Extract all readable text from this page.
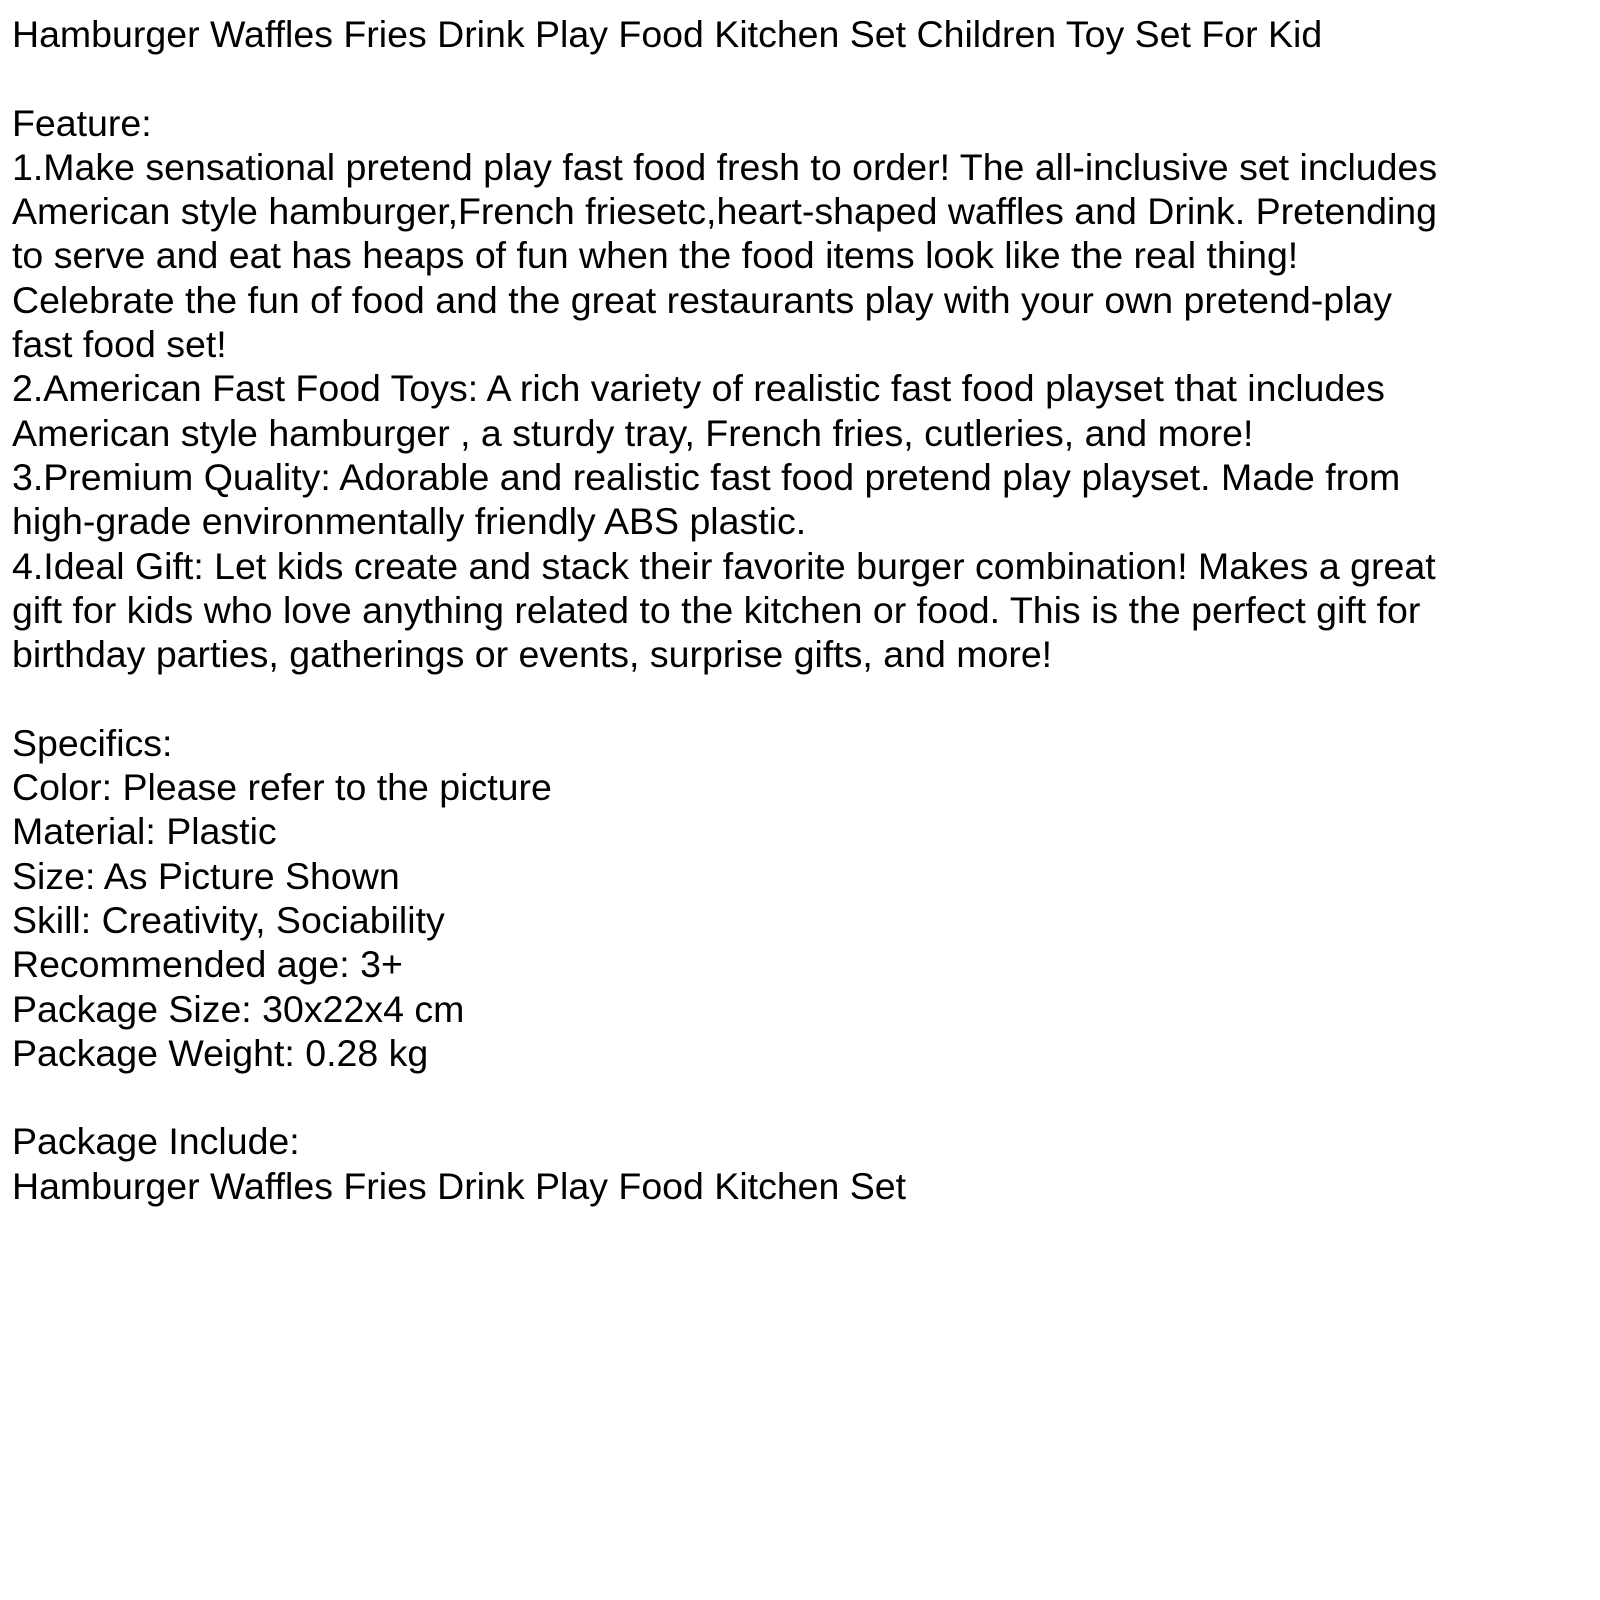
Hamburger Waffles Fries Drink Play Food Kitchen Set Children Toy Set For Kid
Feature:
1.Make sensational pretend play fast food fresh to order! The all-inclusive set includes
American style hamburger,French friesetc,heart-shaped waffles and Drink. Pretending
to serve and eat has heaps of fun when the food items look like the real thing!
Celebrate the fun of food and the great restaurants play with your own pretend-play
fast food set!
2.American Fast Food Toys: A rich variety of realistic fast food playset that includes
American style hamburger , a sturdy tray, French fries, cutleries, and more!
3.Premium Quality: Adorable and realistic fast food pretend play playset. Made from
high-grade environmentally friendly ABS plastic.
4.Ideal Gift: Let kids create and stack their favorite burger combination! Makes a great
gift for kids who love anything related to the kitchen or food. This is the perfect gift for
birthday parties, gatherings or events, surprise gifts, and more!
Specifics:
Color: Please refer to the picture
Material: Plastic
Size: As Picture Shown
Skill: Creativity, Sociability
Recommended age: 3+
Package Size: 30x22x4 cm
Package Weight: 0.28 kg
Package Include:
Hamburger Waffles Fries Drink Play Food Kitchen Set
